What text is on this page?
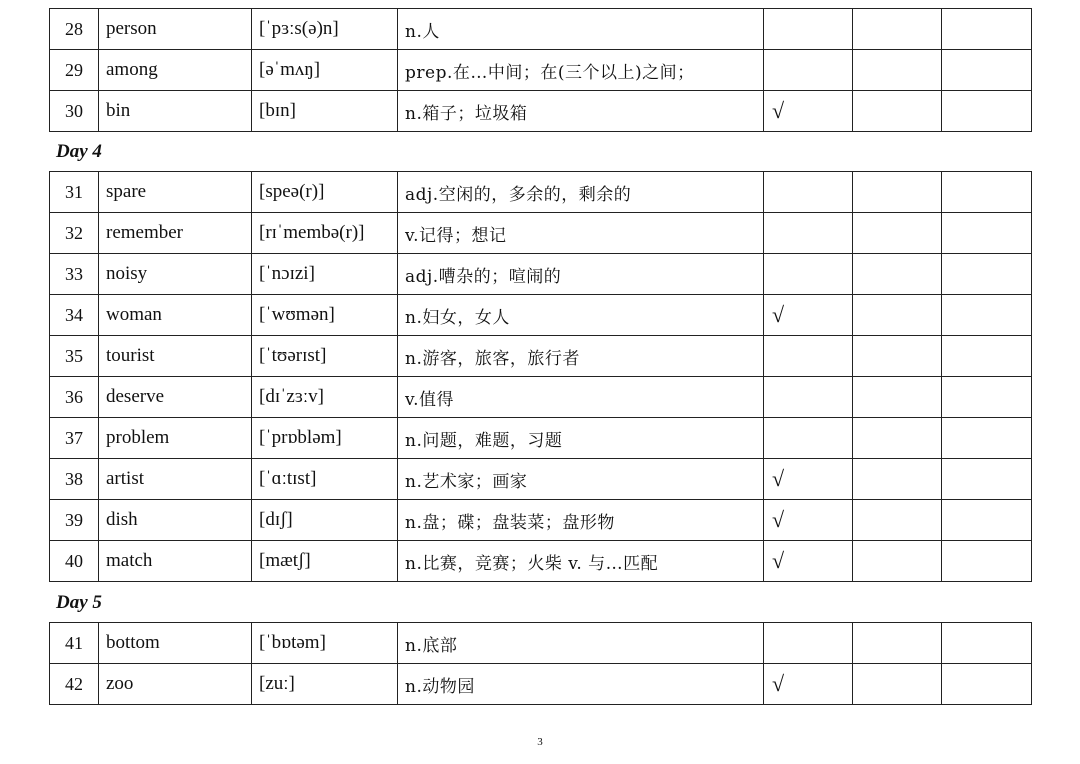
28	person	[ˈpɜːs(ə)n]	n.人			
29	among	[əˈmʌŋ]	prep.在…中间；在(三个以上)之间；			
30	bin	[bɪn]	n.箱子；垃圾箱	√		
Day 4
31	spare	[speə(r)]	adj.空闲的，多余的，剩余的			
32	remember	[rɪˈmembə(r)]	v.记得；想记			
33	noisy	[ˈnɔɪzi]	adj.嘈杂的；喧闹的			
34	woman	[ˈwʊmən]	n.妇女，女人	√		
35	tourist	[ˈtʊərɪst]	n.游客，旅客，旅行者			
36	deserve	[dɪˈzɜːv]	v.值得			
37	problem	[ˈprɒbləm]	n.问题，难题，习题			
38	artist	[ˈɑːtɪst]	n.艺术家；画家	√		
39	dish	[dɪʃ]	n.盘；碟；盘装菜；盘形物	√		
40	match	[mætʃ]	n.比赛，竞赛；火柴 v. 与…匹配	√		
Day 5
41	bottom	[ˈbɒtəm]	n.底部			
42	zoo	[zuː]	n.动物园	√		
3
